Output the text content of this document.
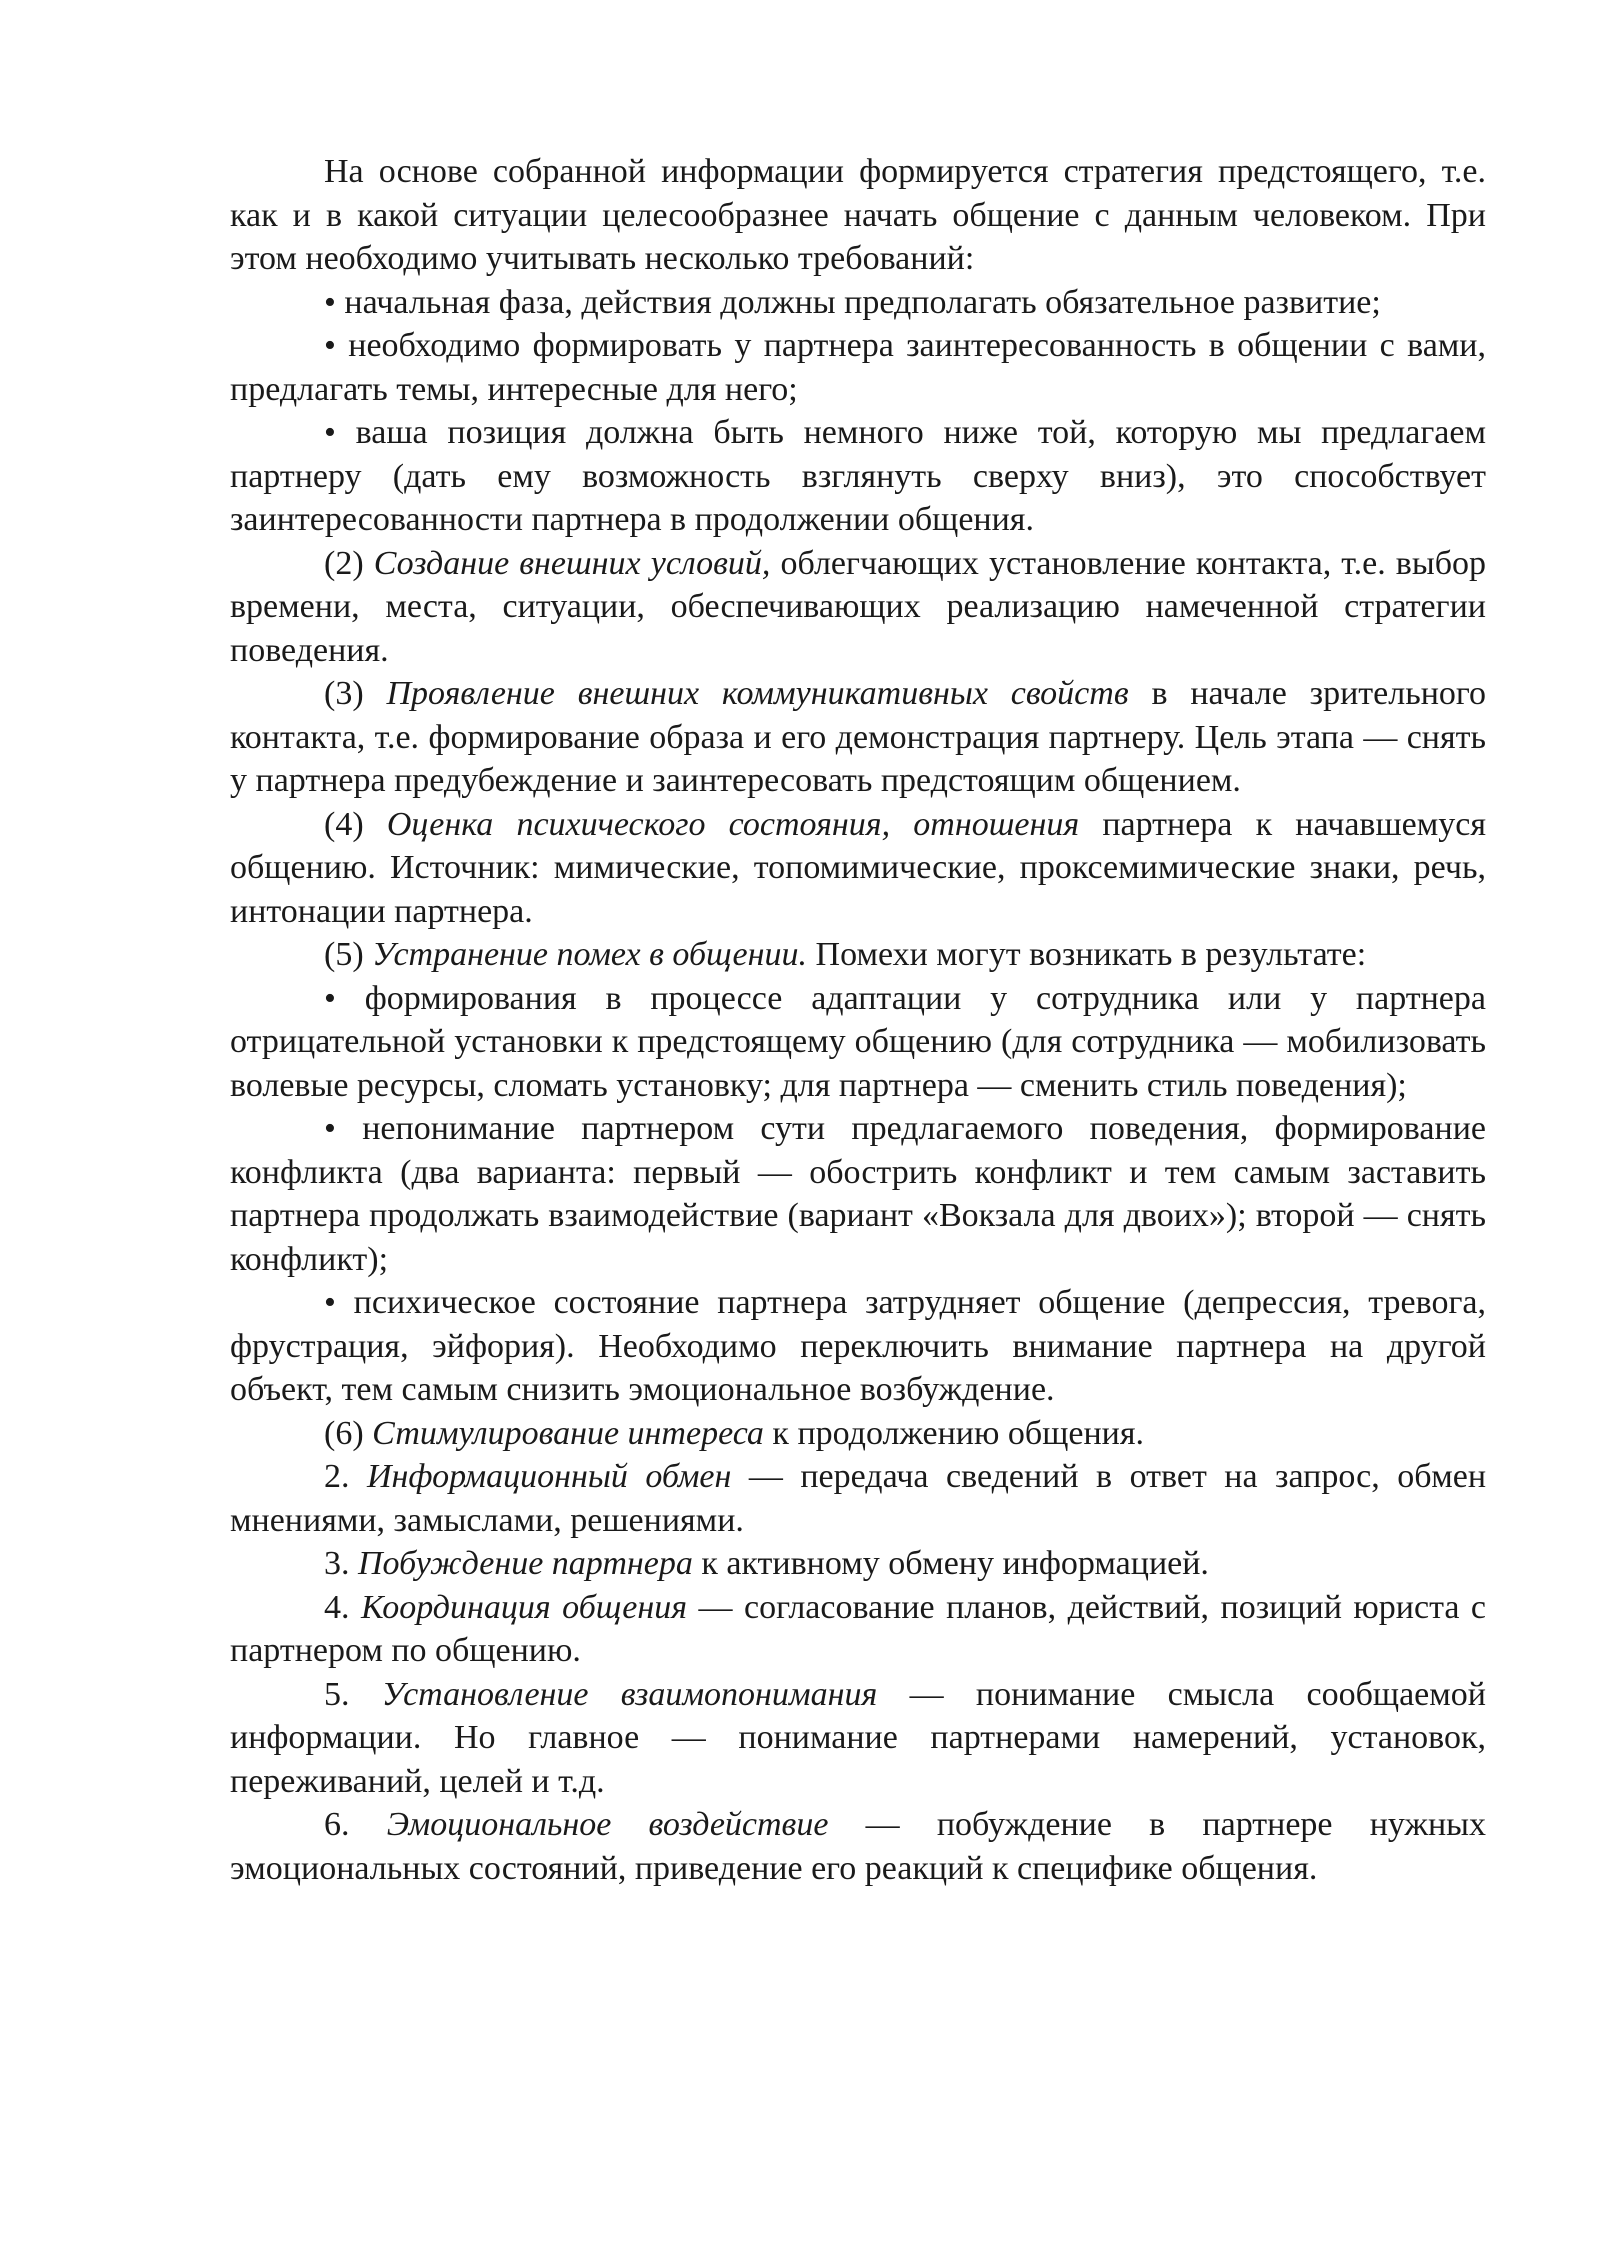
На основе собранной информации формируется стратегия предстоящего, т.е. как и в какой ситуации целесообразнее начать общение с данным человеком. При этом необходимо учитывать несколько требований:

• начальная фаза, действия должны предполагать обязательное развитие;

• необходимо формировать у партнера заинтересованность в общении с вами, предлагать темы, интересные для него;

• ваша позиция должна быть немного ниже той, которую мы предлагаем партнеру (дать ему возможность взглянуть сверху вниз), это способствует заинтересованности партнера в продолжении общения.

(2) Создание внешних условий, облегчающих установление контакта, т.е. выбор времени, места, ситуации, обеспечивающих реализацию намеченной стратегии поведения.

(3) Проявление внешних коммуникативных свойств в начале зрительного контакта, т.е. формирование образа и его демонстрация партнеру. Цель этапа — снять у партнера предубеждение и заинтересовать предстоящим общением.

(4) Оценка психического состояния, отношения партнера к начавшемуся общению. Источник: мимические, топомимические, проксемимические знаки, речь, интонации партнера.

(5) Устранение помех в общении. Помехи могут возникать в результате:

• формирования в процессе адаптации у сотрудника или у партнера отрицательной установки к предстоящему общению (для сотрудника — мобилизовать волевые ресурсы, сломать установку; для партнера — сменить стиль поведения);

• непонимание партнером сути предлагаемого поведения, формирование конфликта (два варианта: первый — обострить конфликт и тем самым заставить партнера продолжать взаимодействие (вариант «Вокзала для двоих»); второй — снять конфликт);

• психическое состояние партнера затрудняет общение (депрессия, тревога, фрустрация, эйфория). Необходимо переключить внимание партнера на другой объект, тем самым снизить эмоциональное возбуждение.

(6) Стимулирование интереса к продолжению общения.

2. Информационный обмен — передача сведений в ответ на запрос, обмен мнениями, замыслами, решениями.

3. Побуждение партнера к активному обмену информацией.

4. Координация общения — согласование планов, действий, позиций юриста с партнером по общению.

5. Установление взаимопонимания — понимание смысла сообщаемой информации. Но главное — понимание партнерами намерений, установок, переживаний, целей и т.д.

6. Эмоциональное воздействие — побуждение в партнере нужных эмоциональных состояний, приведение его реакций к специфике общения.
